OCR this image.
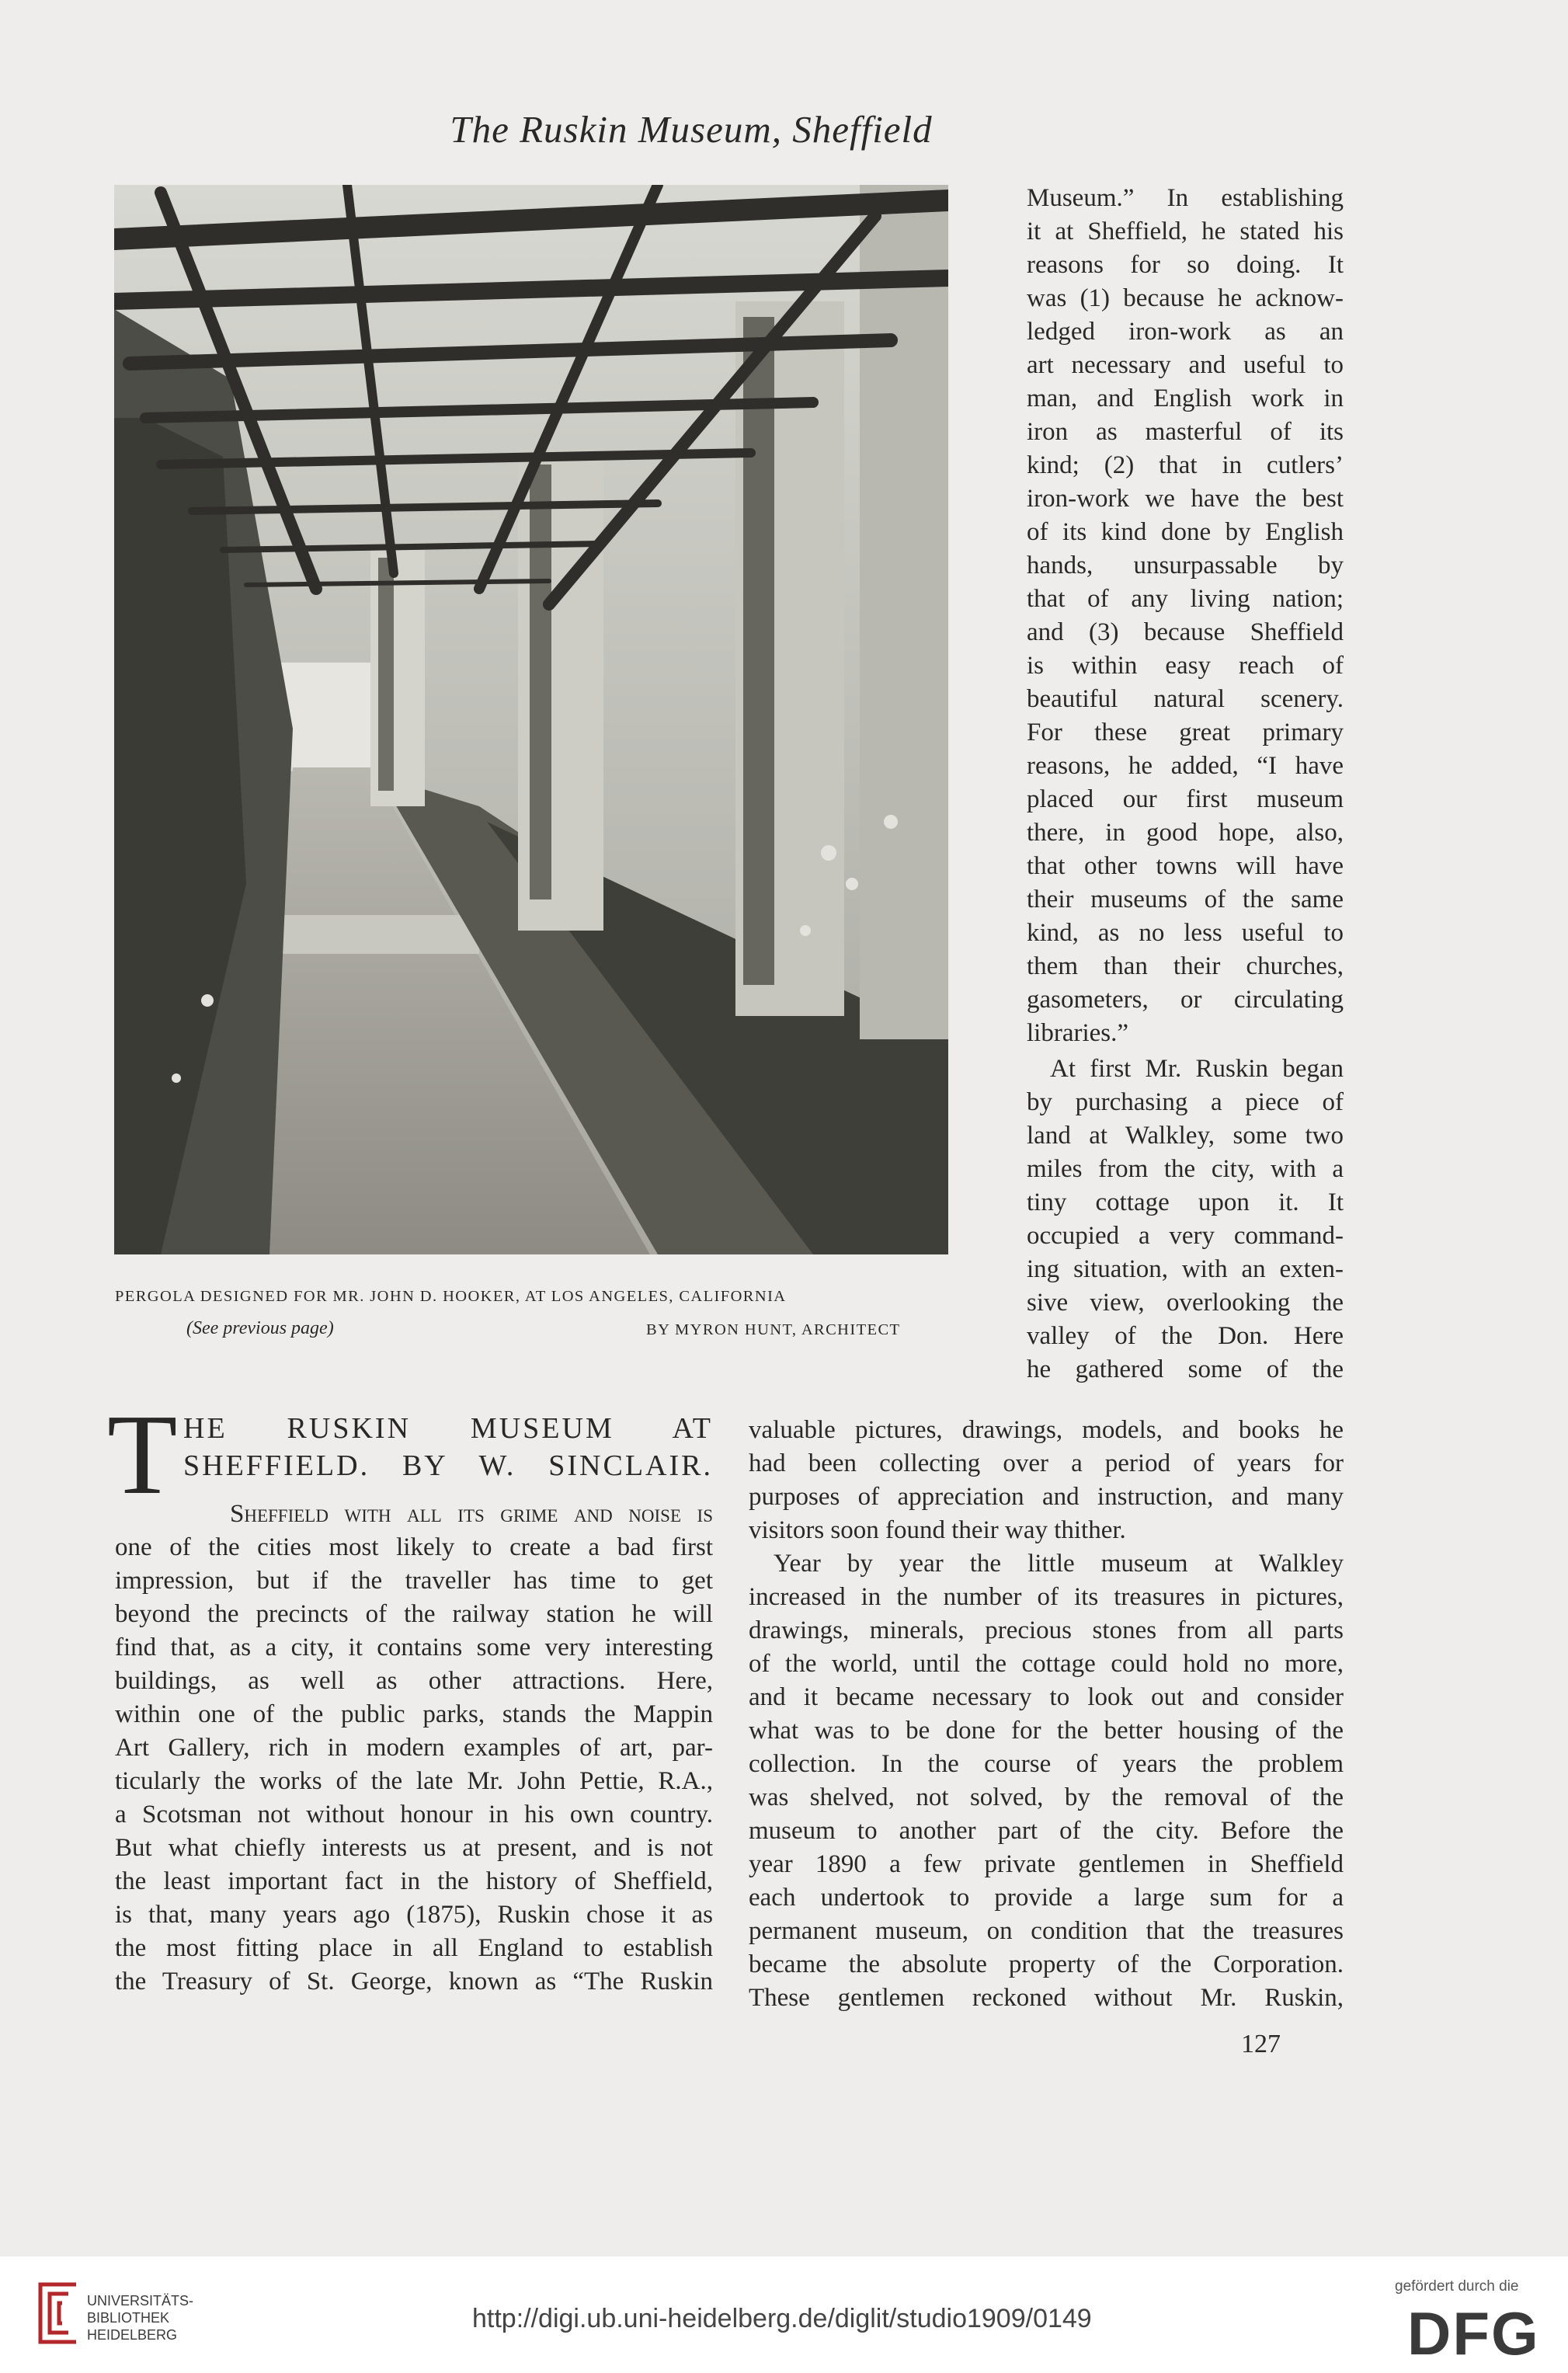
The Ruskin Museum, Sheffield
PERGOLA DESIGNED FOR MR. JOHN D. HOOKER, AT LOS ANGELES, CALIFORNIA
(See previous page)	BY MYRON HUNT, ARCHITECT
Museum.” In establishing
it at Sheffield, he stated his
reasons for so doing. It
was (1) because he acknow-
ledged iron-work as an
art necessary and useful to
man, and English work in
iron as masterful of its
kind; (2) that in cutlers’
iron-work we have the best
of its kind done by English
hands, unsurpassable by
that of any living nation;
and (3) because Sheffield
is within easy reach of
beautiful natural scenery.
For these great primary
reasons, he added, “I have
placed our first museum
there, in good hope, also,
that other towns will have
their museums of the same
kind, as no less useful to
them than their churches,
gasometers, or circulating
libraries.”
At first Mr. Ruskin began
by purchasing a piece of
land at Walkley, some two
miles from the city, with a
tiny cottage upon it. It
occupied a very command-
ing situation, with an exten-
sive view, overlooking the
valley of the Don. Here
he gathered some of the
T HE RUSKIN MUSEUM AT
SHEFFIELD. BY W. SINCLAIR.
Sheffield with all its grime and noise is
one of the cities most likely to create a bad first
impression, but if the traveller has time to get
beyond the precincts of the railway station he will
find that, as a city, it contains some very interesting
buildings, as well as other attractions. Here,
within one of the public parks, stands the Mappin
Art Gallery, rich in modern examples of art, par-
ticularly the works of the late Mr. John Pettie, R.A.,
a Scotsman not without honour in his own country.
But what chiefly interests us at present, and is not
the least important fact in the history of Sheffield,
is that, many years ago (1875), Ruskin chose it as
the most fitting place in all England to establish
the Treasury of St. George, known as “The Ruskin
valuable pictures, drawings, models, and books he
had been collecting over a period of years for
purposes of appreciation and instruction, and many
visitors soon found their way thither.
Year by year the little museum at Walkley
increased in the number of its treasures in pictures,
drawings, minerals, precious stones from all parts
of the world, until the cottage could hold no more,
and it became necessary to look out and consider
what was to be done for the better housing of the
collection. In the course of years the problem
was shelved, not solved, by the removal of the
museum to another part of the city. Before the
year 1890 a few private gentlemen in Sheffield
each undertook to provide a large sum for a
permanent museum, on condition that the treasures
became the absolute property of the Corporation.
These gentlemen reckoned without Mr. Ruskin,
127
UNIVERSITÄTS-
BIBLIOTHEK
HEIDELBERG
http://digi.ub.uni-heidelberg.de/diglit/studio1909/0149
gefördert durch die
DFG
